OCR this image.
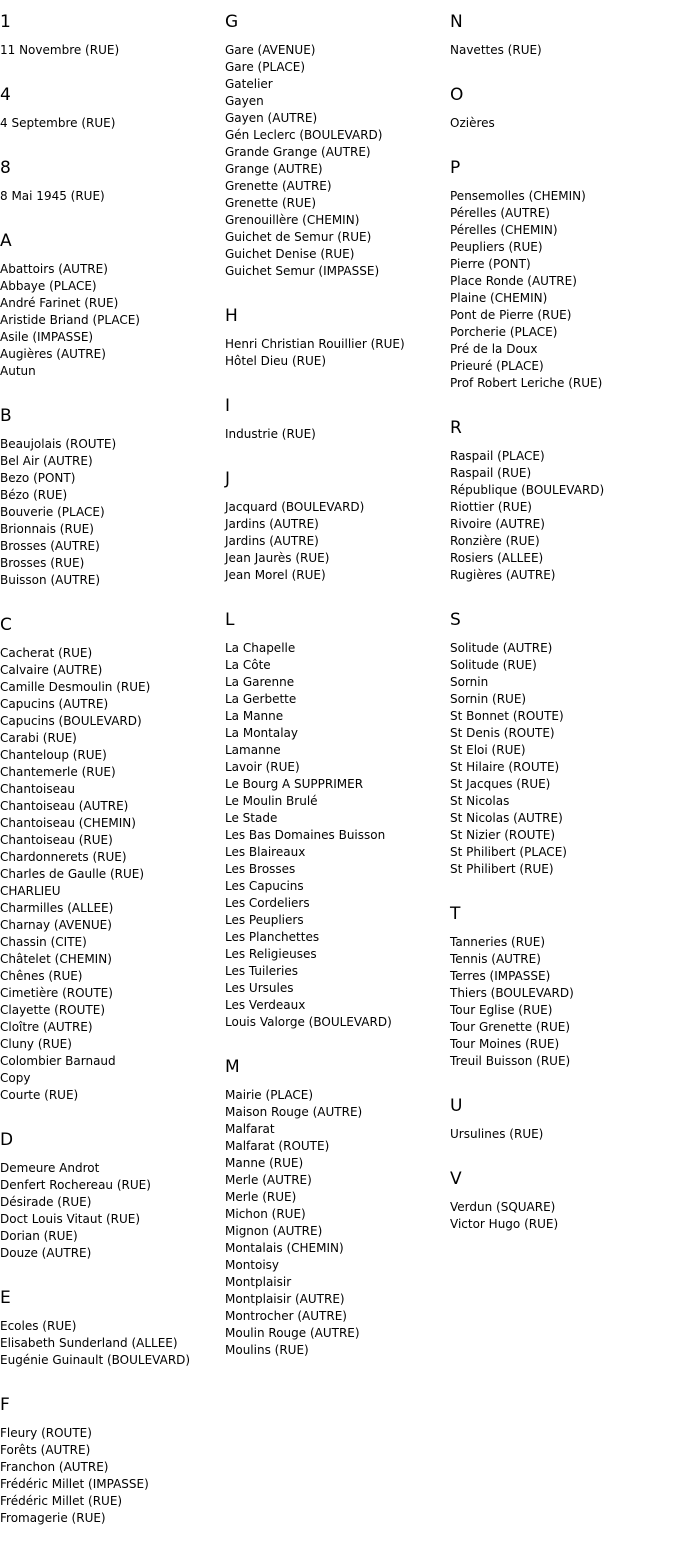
1
11 Novembre (RUE)
4
4 Septembre (RUE)
8
8 Mai 1945 (RUE)
A
Abattoirs (AUTRE)
Abbaye (PLACE)
André Farinet (RUE)
Aristide Briand (PLACE)
Asile (IMPASSE)
Augières (AUTRE)
Autun
B
Beaujolais (ROUTE)
Bel Air (AUTRE)
Bezo (PONT)
Bézo (RUE)
Bouverie (PLACE)
Brionnais (RUE)
Brosses (AUTRE)
Brosses (RUE)
Buisson (AUTRE)
C
Cacherat (RUE)
Calvaire (AUTRE)
Camille Desmoulin (RUE)
Capucins (AUTRE)
Capucins (BOULEVARD)
Carabi (RUE)
Chanteloup (RUE)
Chantemerle (RUE)
Chantoiseau
Chantoiseau (AUTRE)
Chantoiseau (CHEMIN)
Chantoiseau (RUE)
Chardonnerets (RUE)
Charles de Gaulle (RUE)
CHARLIEU
Charmilles (ALLEE)
Charnay (AVENUE)
Chassin (CITE)
Châtelet (CHEMIN)
Chênes (RUE)
Cimetière (ROUTE)
Clayette (ROUTE)
Cloître (AUTRE)
Cluny (RUE)
Colombier Barnaud
Copy
Courte (RUE)
D
Demeure Androt
Denfert Rochereau (RUE)
Désirade (RUE)
Doct Louis Vitaut (RUE)
Dorian (RUE)
Douze (AUTRE)
E
Ecoles (RUE)
Elisabeth Sunderland (ALLEE)
Eugénie Guinault (BOULEVARD)
F
Fleury (ROUTE)
Forêts (AUTRE)
Franchon (AUTRE)
Frédéric Millet (IMPASSE)
Frédéric Millet (RUE)
Fromagerie (RUE)
G
Gare (AVENUE)
Gare (PLACE)
Gatelier
Gayen
Gayen (AUTRE)
Gén Leclerc (BOULEVARD)
Grande Grange (AUTRE)
Grange (AUTRE)
Grenette (AUTRE)
Grenette (RUE)
Grenouillère (CHEMIN)
Guichet de Semur (RUE)
Guichet Denise (RUE)
Guichet Semur (IMPASSE)
H
Henri Christian Rouillier (RUE)
Hôtel Dieu (RUE)
I
Industrie (RUE)
J
Jacquard (BOULEVARD)
Jardins (AUTRE)
Jardins (AUTRE)
Jean Jaurès (RUE)
Jean Morel (RUE)
L
La Chapelle
La Côte
La Garenne
La Gerbette
La Manne
La Montalay
Lamanne
Lavoir (RUE)
Le Bourg A SUPPRIMER
Le Moulin Brulé
Le Stade
Les Bas Domaines Buisson
Les Blaireaux
Les Brosses
Les Capucins
Les Cordeliers
Les Peupliers
Les Planchettes
Les Religieuses
Les Tuileries
Les Ursules
Les Verdeaux
Louis Valorge (BOULEVARD)
M
Mairie (PLACE)
Maison Rouge (AUTRE)
Malfarat
Malfarat (ROUTE)
Manne (RUE)
Merle (AUTRE)
Merle (RUE)
Michon (RUE)
Mignon (AUTRE)
Montalais (CHEMIN)
Montoisy
Montplaisir
Montplaisir (AUTRE)
Montrocher (AUTRE)
Moulin Rouge (AUTRE)
Moulins (RUE)
N
Navettes (RUE)
O
Ozières
P
Pensemolles (CHEMIN)
Pérelles (AUTRE)
Pérelles (CHEMIN)
Peupliers (RUE)
Pierre (PONT)
Place Ronde (AUTRE)
Plaine (CHEMIN)
Pont de Pierre (RUE)
Porcherie (PLACE)
Pré de la Doux
Prieuré (PLACE)
Prof Robert Leriche (RUE)
R
Raspail (PLACE)
Raspail (RUE)
République (BOULEVARD)
Riottier (RUE)
Rivoire (AUTRE)
Ronzière (RUE)
Rosiers (ALLEE)
Rugières (AUTRE)
S
Solitude (AUTRE)
Solitude (RUE)
Sornin
Sornin (RUE)
St Bonnet (ROUTE)
St Denis (ROUTE)
St Eloi (RUE)
St Hilaire (ROUTE)
St Jacques (RUE)
St Nicolas
St Nicolas (AUTRE)
St Nizier (ROUTE)
St Philibert (PLACE)
St Philibert (RUE)
T
Tanneries (RUE)
Tennis (AUTRE)
Terres (IMPASSE)
Thiers (BOULEVARD)
Tour Eglise (RUE)
Tour Grenette (RUE)
Tour Moines (RUE)
Treuil Buisson (RUE)
U
Ursulines (RUE)
V
Verdun (SQUARE)
Victor Hugo (RUE)
